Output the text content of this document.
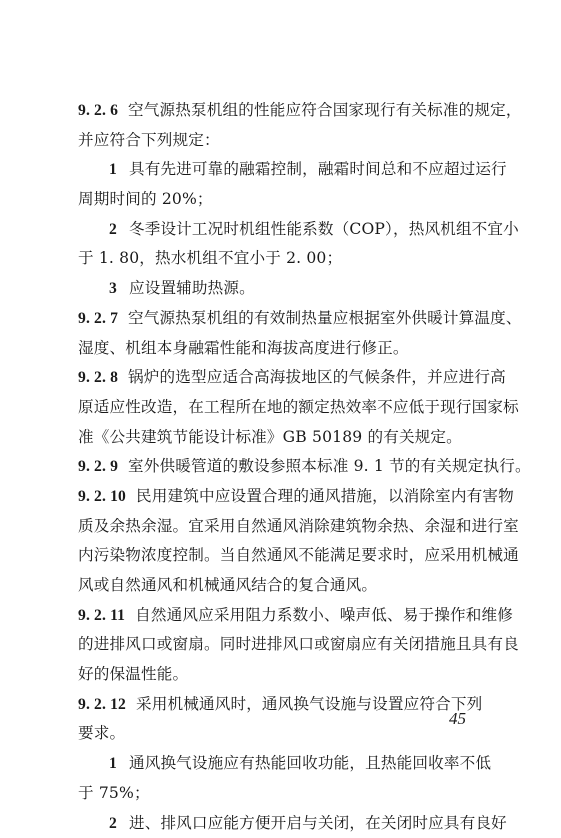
9. 2. 6 空气源热泵机组的性能应符合国家现行有关标准的规定，
并应符合下列规定：
1 具有先进可靠的融霜控制，融霜时间总和不应超过运行
周期时间的 20%；
2 冬季设计工况时机组性能系数（COP），热风机组不宜小
于 1. 80，热水机组不宜小于 2. 00；
3 应设置辅助热源。
9. 2. 7 空气源热泵机组的有效制热量应根据室外供暖计算温度、
湿度、机组本身融霜性能和海拔高度进行修正。
9. 2. 8 锅炉的选型应适合高海拔地区的气候条件，并应进行高
原适应性改造，在工程所在地的额定热效率不应低于现行国家标
准《公共建筑节能设计标准》GB 50189 的有关规定。
9. 2. 9 室外供暖管道的敷设参照本标准 9. 1 节的有关规定执行。
9. 2. 10 民用建筑中应设置合理的通风措施，以消除室内有害物
质及余热余湿。宜采用自然通风消除建筑物余热、余湿和进行室
内污染物浓度控制。当自然通风不能满足要求时，应采用机械通
风或自然通风和机械通风结合的复合通风。
9. 2. 11 自然通风应采用阻力系数小、噪声低、易于操作和维修
的进排风口或窗扇。同时进排风口或窗扇应有关闭措施且具有良
好的保温性能。
9. 2. 12 采用机械通风时，通风换气设施与设置应符合下列
要求。
1 通风换气设施应有热能回收功能，且热能回收率不低
于 75%；
2 进、排风口应能方便开启与关闭，在关闭时应具有良好
45
